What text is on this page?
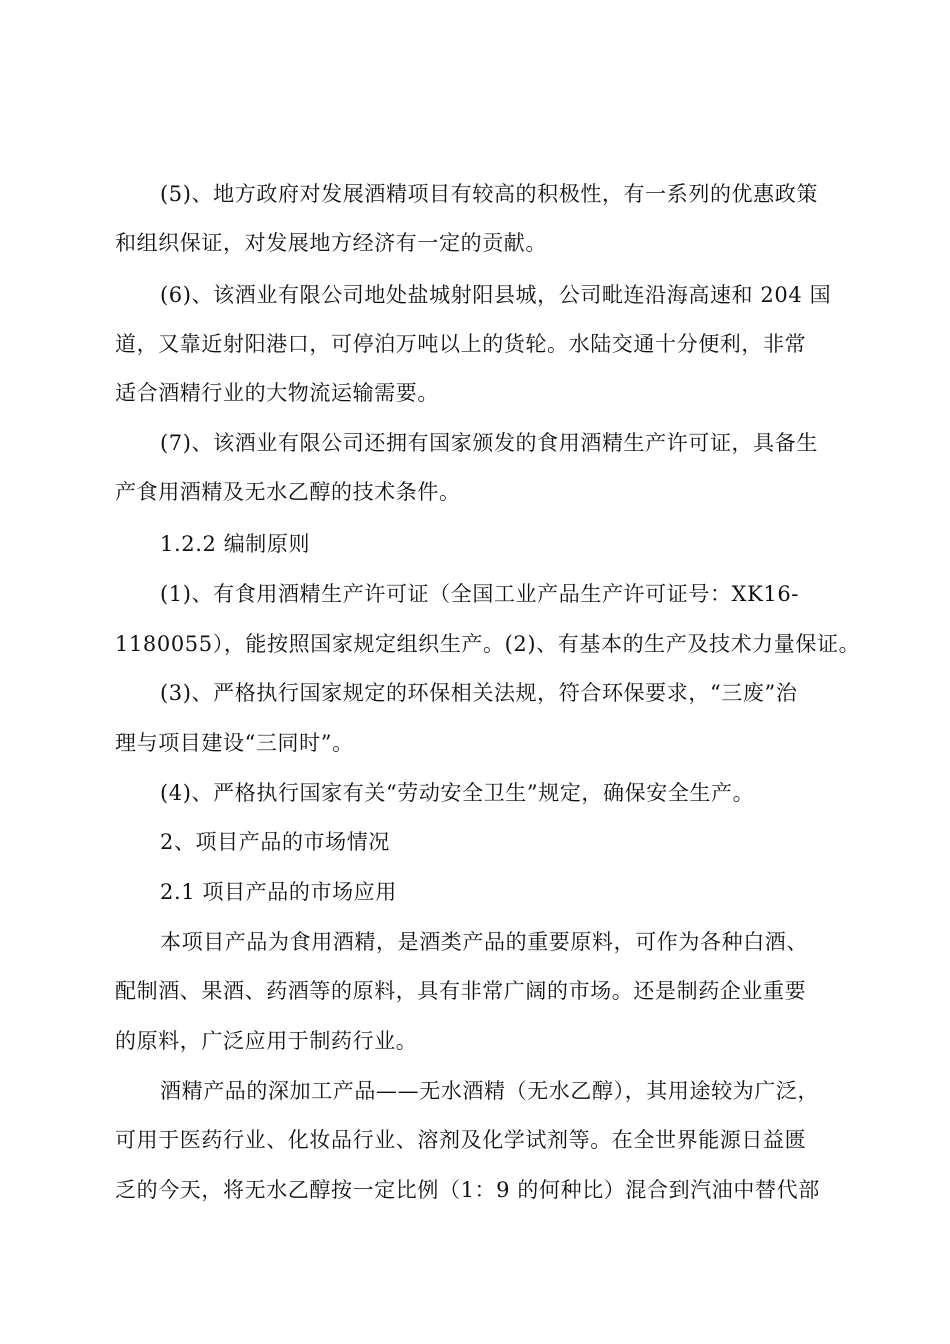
(5)、地方政府对发展酒精项目有较高的积极性，有一系列的优惠政策
和组织保证，对发展地方经济有一定的贡献。
(6)、该酒业有限公司地处盐城射阳县城，公司毗连沿海高速和 204 国
道，又靠近射阳港口，可停泊万吨以上的货轮。水陆交通十分便利，非常
适合酒精行业的大物流运输需要。
(7)、该酒业有限公司还拥有国家颁发的食用酒精生产许可证，具备生
产食用酒精及无水乙醇的技术条件。
1.2.2 编制原则
(1)、有食用酒精生产许可证（全国工业产品生产许可证号：XK16-
1180055），能按照国家规定组织生产。(2)、有基本的生产及技术力量保证。
(3)、严格执行国家规定的环保相关法规，符合环保要求，“三废”治
理与项目建设“三同时”。
(4)、严格执行国家有关“劳动安全卫生”规定，确保安全生产。
2、项目产品的市场情况
2.1 项目产品的市场应用
本项目产品为食用酒精，是酒类产品的重要原料，可作为各种白酒、
配制酒、果酒、药酒等的原料，具有非常广阔的市场。还是制药企业重要
的原料，广泛应用于制药行业。
酒精产品的深加工产品——无水酒精（无水乙醇），其用途较为广泛，
可用于医药行业、化妆品行业、溶剂及化学试剂等。在全世界能源日益匮
乏的今天，将无水乙醇按一定比例（1：9 的何种比）混合到汽油中替代部
